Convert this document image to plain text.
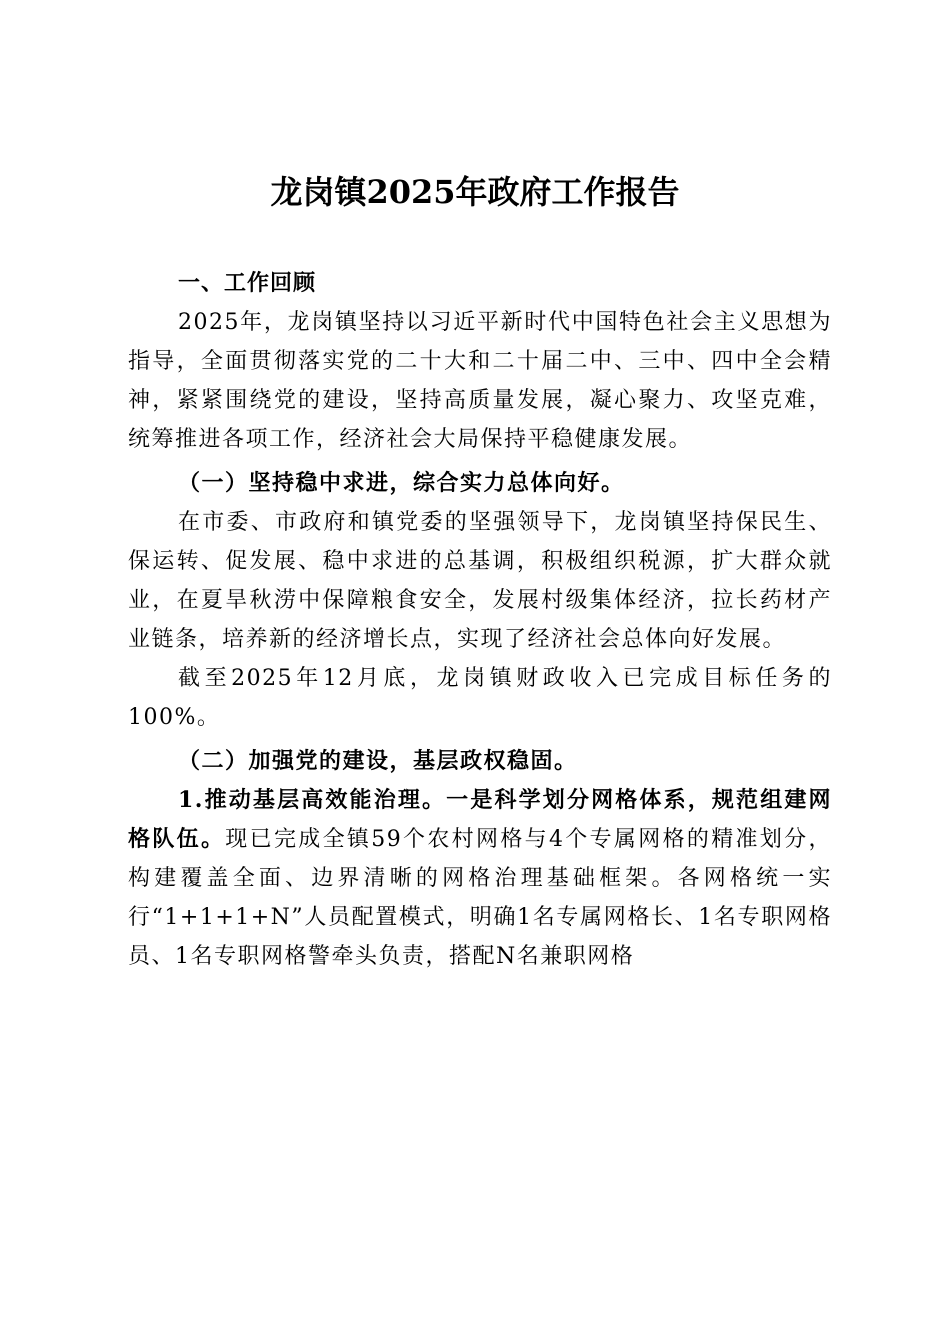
龙岗镇2025年政府工作报告

一、工作回顾

2025年，龙岗镇坚持以习近平新时代中国特色社会主义思想为指导，全面贯彻落实党的二十大和二十届二中、三中、四中全会精神，紧紧围绕党的建设，坚持高质量发展，凝心聚力、攻坚克难，统筹推进各项工作，经济社会大局保持平稳健康发展。

（一）坚持稳中求进，综合实力总体向好。

在市委、市政府和镇党委的坚强领导下，龙岗镇坚持保民生、保运转、促发展、稳中求进的总基调，积极组织税源，扩大群众就业，在夏旱秋涝中保障粮食安全，发展村级集体经济，拉长药材产业链条，培养新的经济增长点，实现了经济社会总体向好发展。

截至2025年12月底，龙岗镇财政收入已完成目标任务的100%。

（二）加强党的建设，基层政权稳固。

1.推动基层高效能治理。一是科学划分网格体系，规范组建网格队伍。现已完成全镇59个农村网格与4个专属网格的精准划分，构建覆盖全面、边界清晰的网格治理基础框架。各网格统一实行“1+1+1+N”人员配置模式，明确1名专属网格长、1名专职网格员、1名专职网格警牵头负责，搭配N名兼职网格
